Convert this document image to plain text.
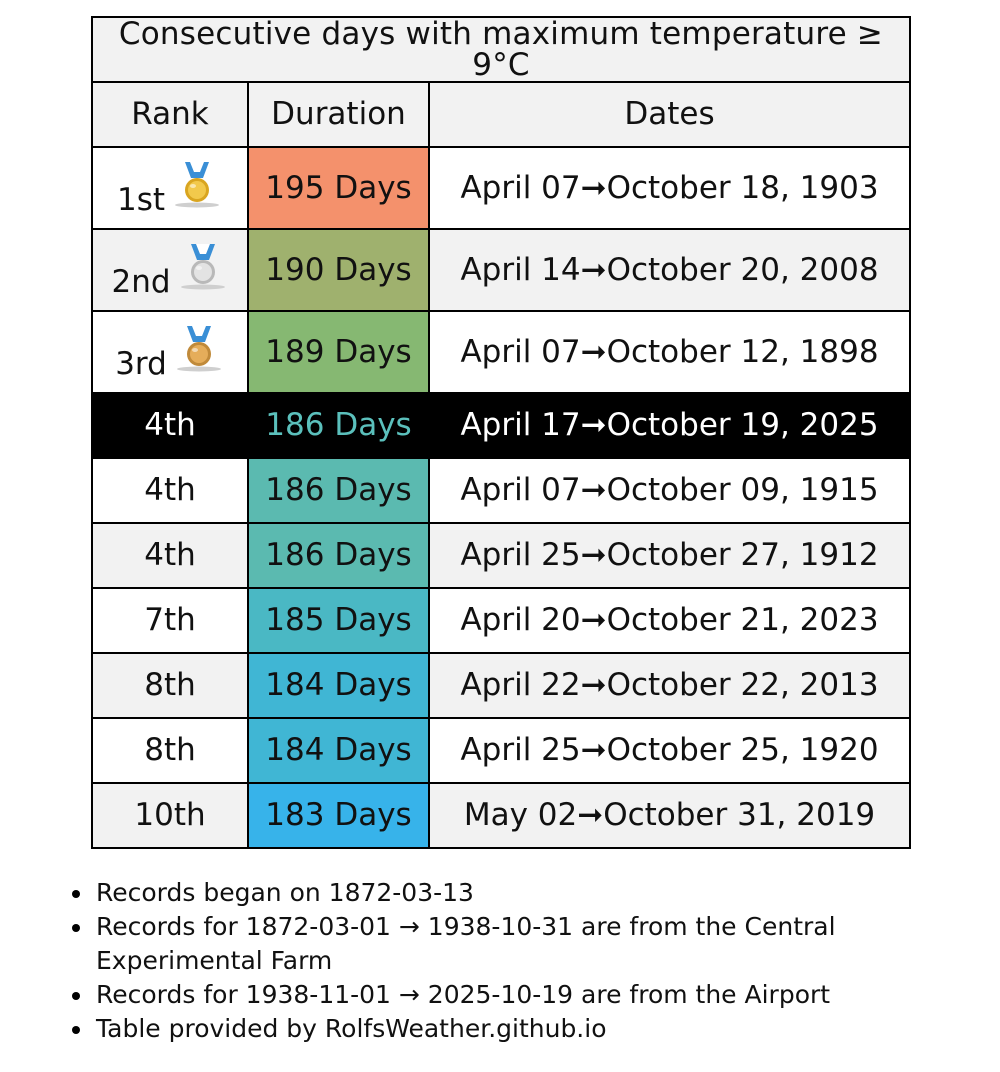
Consecutive days with maximum temperature ≥ 9°C		
Rank	Duration	Dates

1st	195 Days	April 07➞October 18, 1903

2nd	190 Days	April 14➞October 20, 2008

3rd	189 Days	April 07➞October 12, 1898

4th	186 Days	April 17➞October 19, 2025

4th	186 Days	April 07➞October 09, 1915

4th	186 Days	April 25➞October 27, 1912

7th	185 Days	April 20➞October 21, 2023

8th	184 Days	April 22➞October 22, 2013

8th	184 Days	April 25➞October 25, 1920

10th	183 Days	May 02➞October 31, 2019
Records began on 1872-03-13
Records for 1872-03-01 → 1938-10-31 are from the Central Experimental Farm
Records for 1938-11-01 → 2025-10-19 are from the Airport
Table provided by RolfsWeather.github.io
